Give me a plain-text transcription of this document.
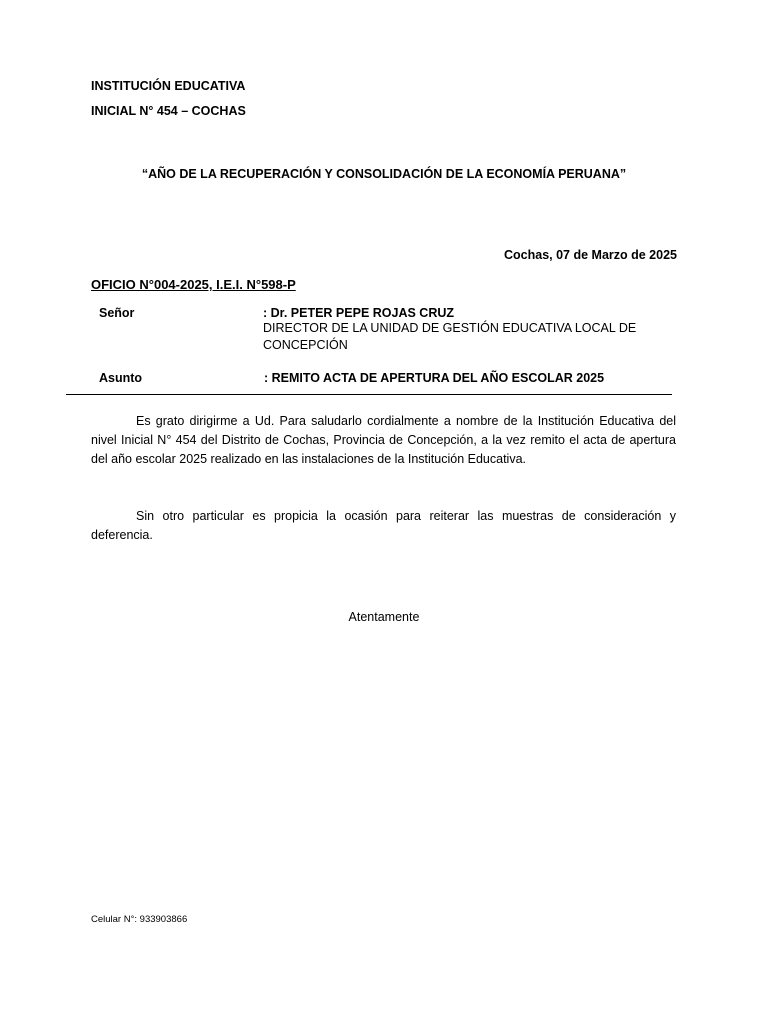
INSTITUCIÓN EDUCATIVA

INICIAL N° 454 – COCHAS

“AÑO DE LA RECUPERACIÓN Y CONSOLIDACIÓN DE LA ECONOMÍA PERUANA”

Cochas, 07 de Marzo de 2025

OFICIO N°004-2025, I.E.I. N°598-P

Señor	: Dr. PETER PEPE ROJAS CRUZ

DIRECTOR DE LA UNIDAD DE GESTIÓN EDUCATIVA LOCAL DE

CONCEPCIÓN

Asunto	: REMITO ACTA DE APERTURA DEL AÑO ESCOLAR 2025

Es grato dirigirme a Ud. Para saludarlo cordialmente a nombre de la Institución Educativa del nivel Inicial N° 454 del Distrito de Cochas, Provincia de Concepción, a la vez remito el acta de apertura del año escolar 2025 realizado en las instalaciones de la Institución Educativa.

Sin otro particular es propicia la ocasión para reiterar las muestras de consideración y deferencia.

Atentamente

Celular N°: 933903866
